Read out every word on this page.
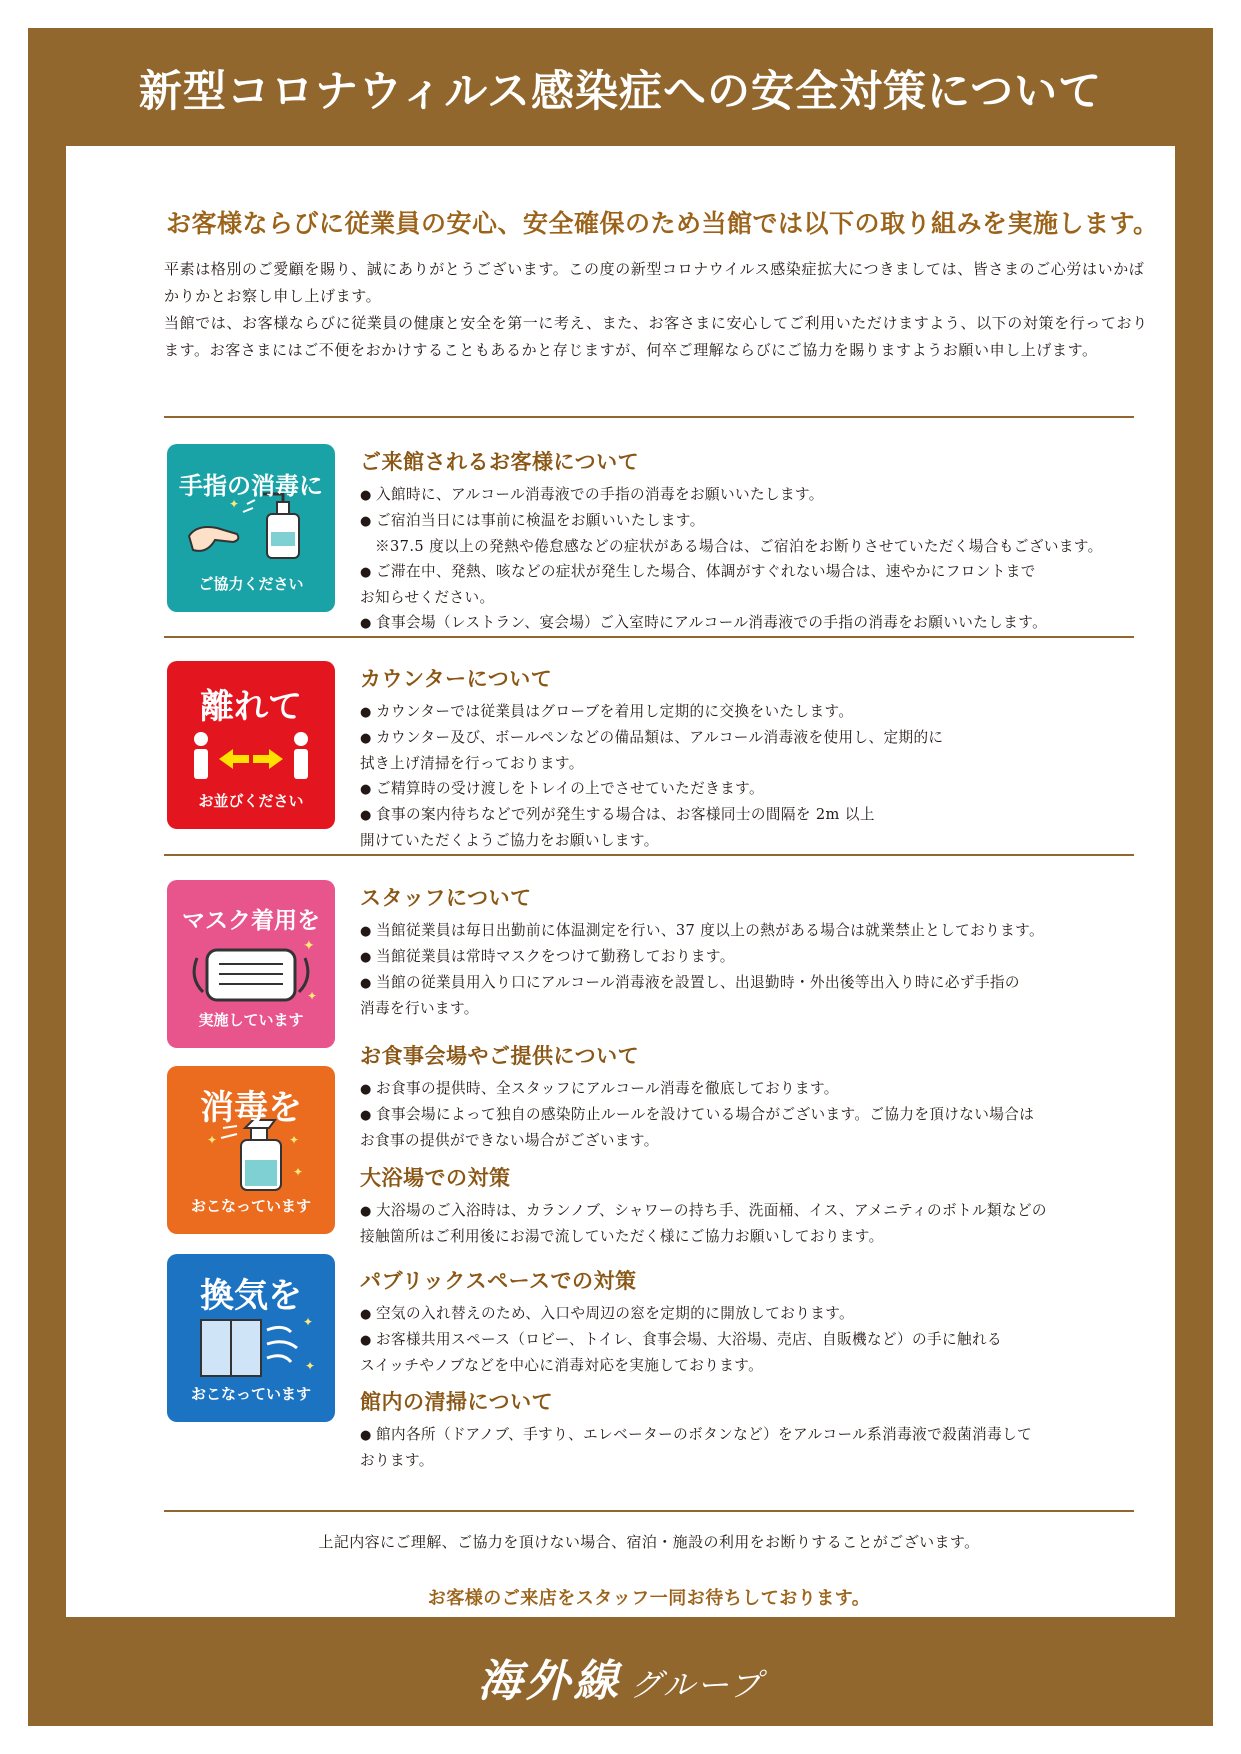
新型コロナウィルス感染症への安全対策について
お客様ならびに従業員の安心、安全確保のため当館では以下の取り組みを実施します。

平素は格別のご愛顧を賜り、誠にありがとうございます。この度の新型コロナウイルス感染症拡大につきましては、皆さまのご心労はいかばかりかとお察し申し上げます。

当館では、お客様ならびに従業員の健康と安全を第一に考え、また、お客さまに安心してご利用いただけますよう、以下の対策を行っております。お客さまにはご不便をおかけすることもあるかと存じますが、何卒ご理解ならびにご協力を賜りますようお願い申し上げます。

✦
手指の消毒に
ご協力ください
ご来館されるお客様について
● 入館時に、アルコール消毒液での手指の消毒をお願いいたします。
● ご宿泊当日には事前に検温をお願いいたします。
　※37.5 度以上の発熱や倦怠感などの症状がある場合は、ご宿泊をお断りさせていただく場合もございます。
● ご滞在中、発熱、咳などの症状が発生した場合、体調がすぐれない場合は、速やかにフロントまで
お知らせください。
● 食事会場（レストラン、宴会場）ご入室時にアルコール消毒液での手指の消毒をお願いいたします。
離れて
お並びください
カウンターについて
● カウンターでは従業員はグローブを着用し定期的に交換をいたします。
● カウンター及び、ボールペンなどの備品類は、アルコール消毒液を使用し、定期的に
拭き上げ清掃を行っております。
● ご精算時の受け渡しをトレイの上でさせていただきます。
● 食事の案内待ちなどで列が発生する場合は、お客様同士の間隔を 2m 以上
開けていただくようご協力をお願いします。
✦
✦
マスク着用を
実施しています
スタッフについて
● 当館従業員は毎日出勤前に体温測定を行い、37 度以上の熱がある場合は就業禁止としております。
● 当館従業員は常時マスクをつけて勤務しております。
● 当館の従業員用入り口にアルコール消毒液を設置し、出退勤時・外出後等出入り時に必ず手指の
消毒を行います。
お食事会場やご提供について
● お食事の提供時、全スタッフにアルコール消毒を徹底しております。
● 食事会場によって独自の感染防止ルールを設けている場合がございます。ご協力を頂けない場合は
お食事の提供ができない場合がございます。
✦	✦
✦
消毒を
おこなっています
大浴場での対策
● 大浴場のご入浴時は、カランノブ、シャワーの持ち手、洗面桶、イス、アメニティのボトル類などの
接触箇所はご利用後にお湯で流していただく様にご協力お願いしております。
✦
✦
換気を
おこなっています
パブリックスペースでの対策
● 空気の入れ替えのため、入口や周辺の窓を定期的に開放しております。
● お客様共用スペース（ロビー、トイレ、食事会場、大浴場、売店、自販機など）の手に触れる
スイッチやノブなどを中心に消毒対応を実施しております。
館内の清掃について
● 館内各所（ドアノブ、手すり、エレベーターのボタンなど）をアルコール系消毒液で殺菌消毒して
おります。
上記内容にご理解、ご協力を頂けない場合、宿泊・施設の利用をお断りすることがございます。
お客様のご来店をスタッフ一同お待ちしております。
海外線 グループ
